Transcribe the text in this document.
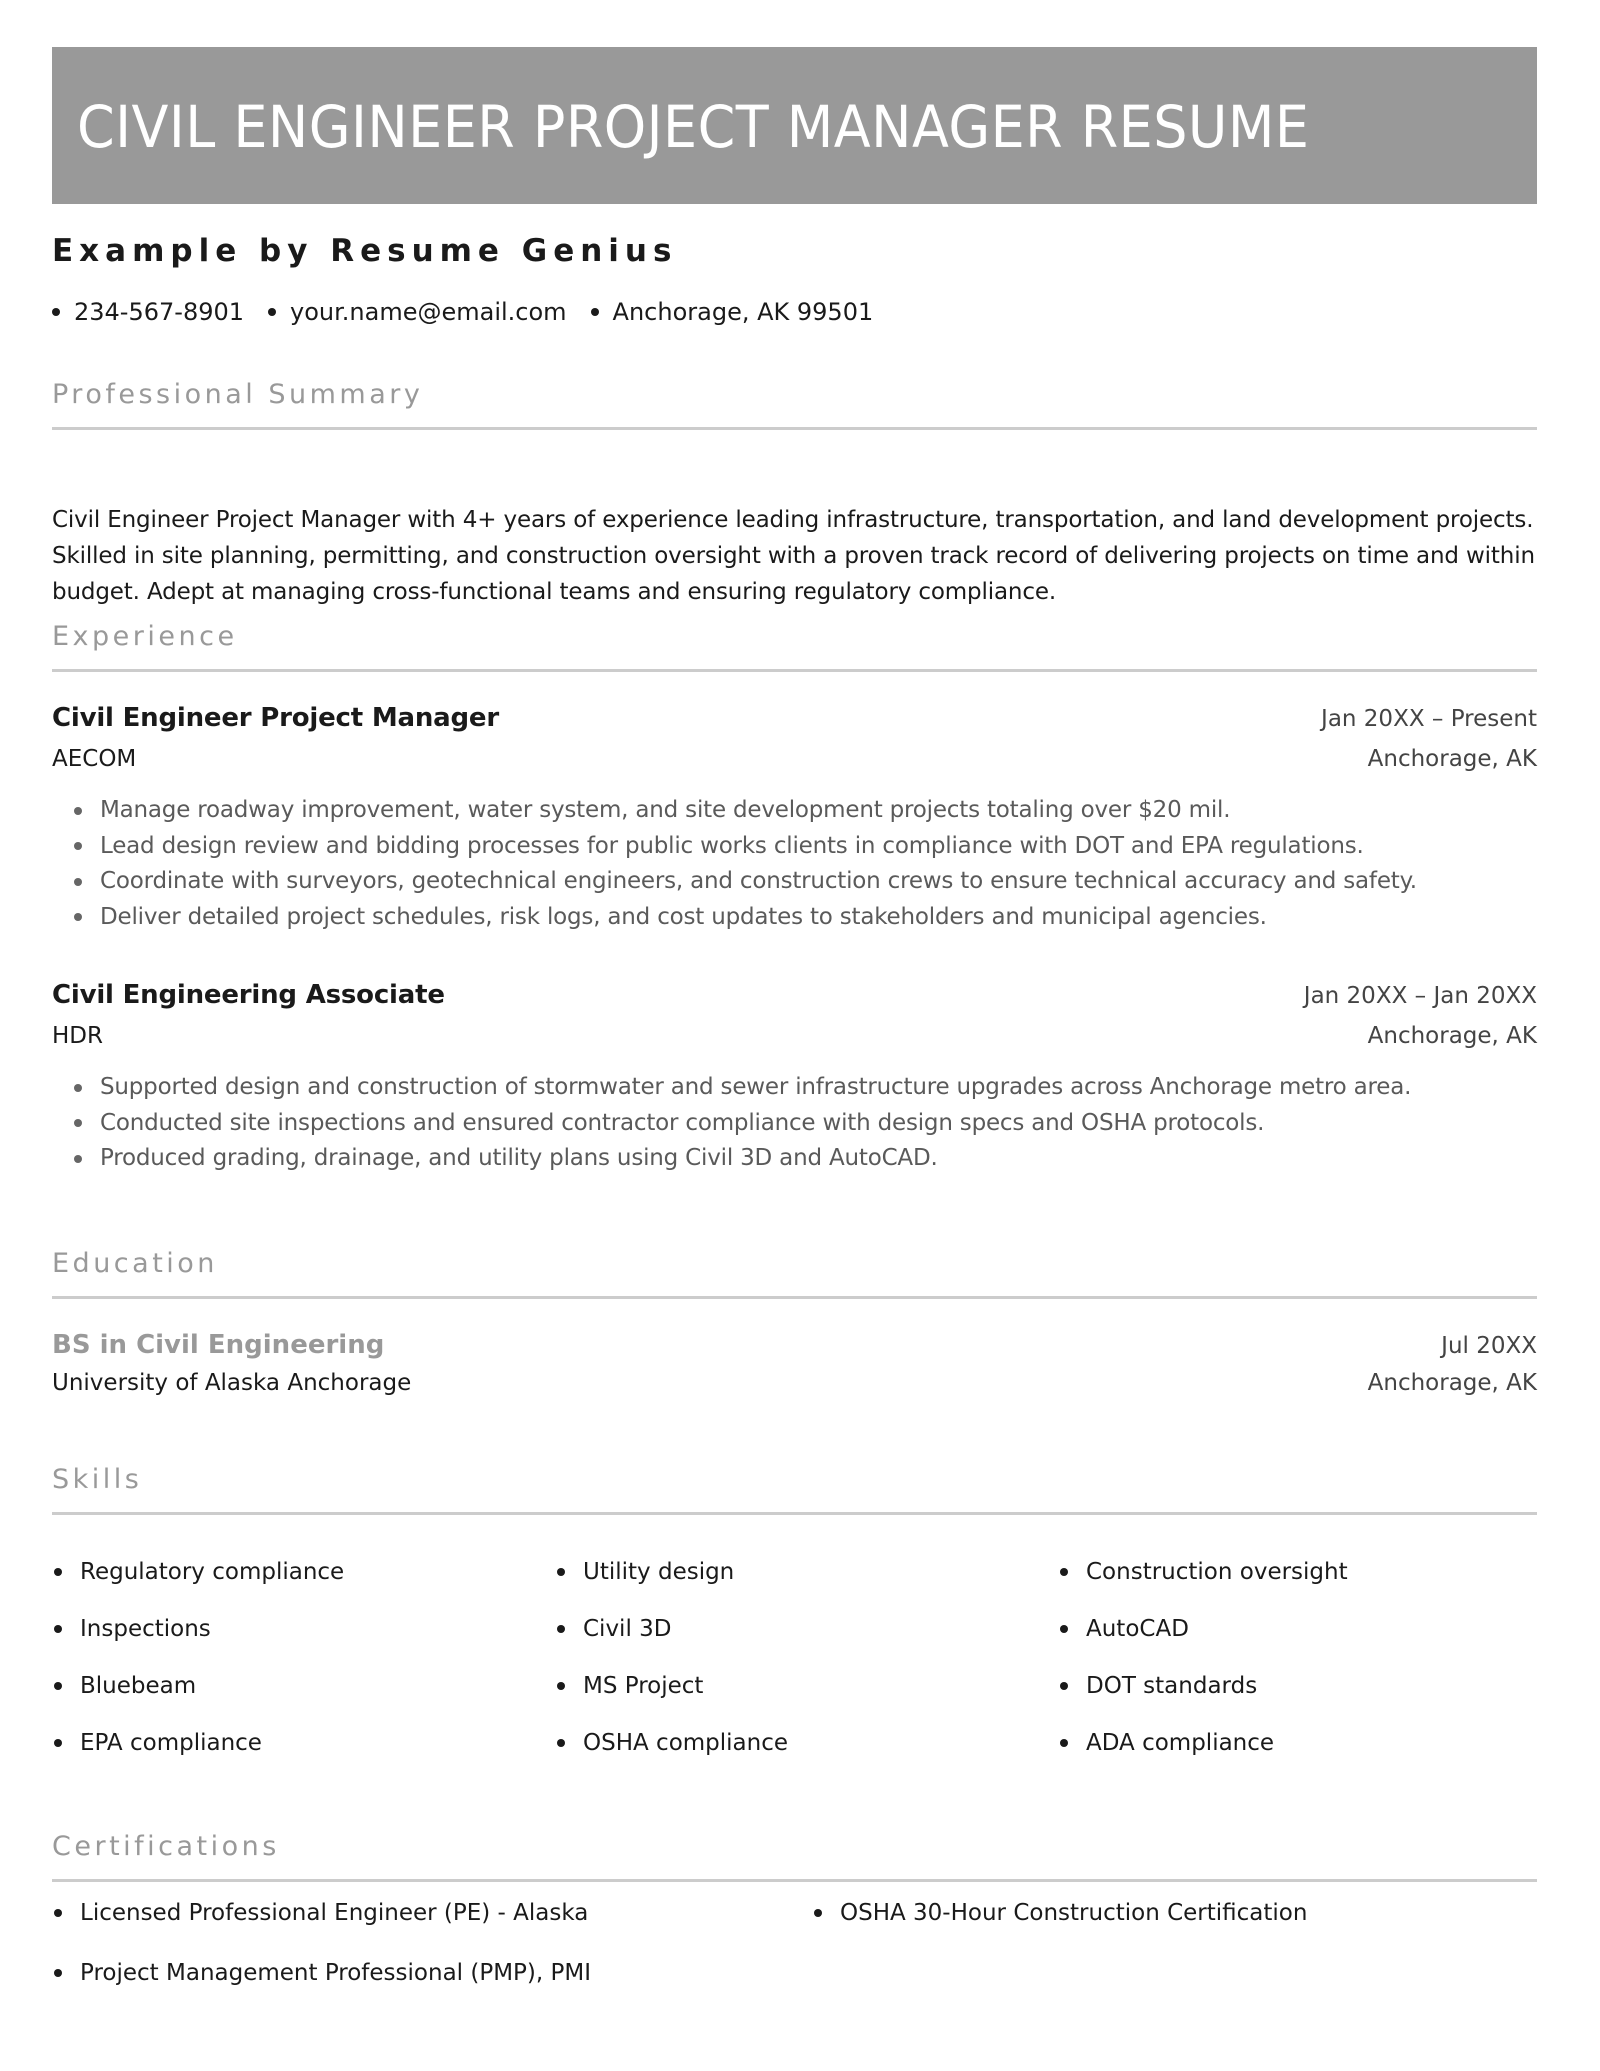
CIVIL ENGINEER PROJECT MANAGER RESUME
Example by Resume Genius
234-567-8901 your.name@email.com Anchorage, AK 99501
Professional Summary

Civil Engineer Project Manager with 4+ years of experience leading infrastructure, transportation, and land development projects. Skilled in site planning, permitting, and construction oversight with a proven track record of delivering projects on time and within budget. Adept at managing cross-functional teams and ensuring regulatory compliance.

Experience
Civil Engineer Project Manager	Jan 20XX – Present
AECOM	Anchorage, AK
Manage roadway improvement, water system, and site development projects totaling over $20 mil.
Lead design review and bidding processes for public works clients in compliance with DOT and EPA regulations.
Coordinate with surveyors, geotechnical engineers, and construction crews to ensure technical accuracy and safety.
Deliver detailed project schedules, risk logs, and cost updates to stakeholders and municipal agencies.
Civil Engineering Associate	Jan 20XX – Jan 20XX
HDR	Anchorage, AK
Supported design and construction of stormwater and sewer infrastructure upgrades across Anchorage metro area.
Conducted site inspections and ensured contractor compliance with design specs and OSHA protocols.
Produced grading, drainage, and utility plans using Civil 3D and AutoCAD.
Education
BS in Civil Engineering	Jul 20XX
University of Alaska Anchorage	Anchorage, AK
Skills
Regulatory compliance	Utility design	Construction oversight
Inspections	Civil 3D	AutoCAD
Bluebeam	MS Project	DOT standards
EPA compliance	OSHA compliance	ADA compliance
Certifications
Licensed Professional Engineer (PE) - Alaska	OSHA 30-Hour Construction Certification
Project Management Professional (PMP), PMI
